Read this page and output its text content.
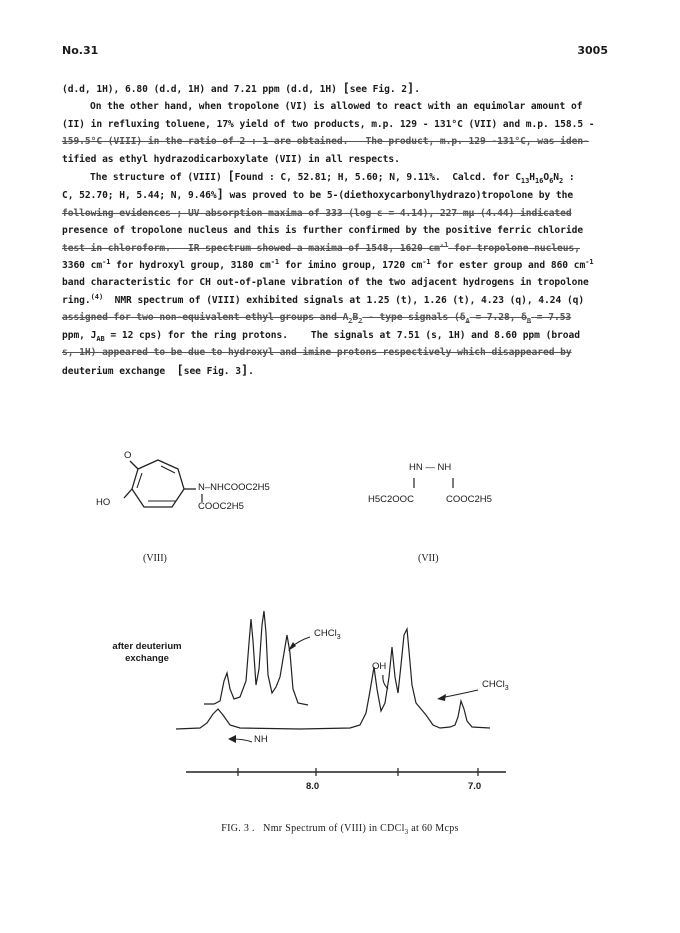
No.31	3005
(d.d, 1H), 6.80 (d.d, 1H) and 7.21 ppm (d.d, 1H) [see Fig. 2].
On the other hand, when tropolone (VI) is allowed to react with an equimolar amount of
(II) in refluxing toluene, 17% yield of two products, m.p. 129 - 131°C (VII) and m.p. 158.5 -
159.5°C (VIII) in the ratio of 2 : 1 are obtained.   The product, m.p. 129 -131°C, was iden-
tified as ethyl hydrazodicarboxylate (VII) in all respects.
The structure of (VIII) [Found : C, 52.81; H, 5.60; N, 9.11%.  Calcd. for $C_{13}H_{16}O_6N_2$ :
C, 52.70; H, 5.44; N, 9.46%] was proved to be 5-(diethoxycarbonylhydrazo)tropolone by the
following evidences ; UV absorption maxima of 333 (log ε = 4.14), 227 mμ (4.44) indicated
presence of tropolone nucleus and this is further confirmed by the positive ferric chloride
test in chloroform.   IR spectrum showed a maxima of 1548, 1620 $cm^{-1}$ for tropolone nucleus,
3360 $cm^{-1}$ for hydroxyl group, 3180 $cm^{-1}$ for imino group, 1720 $cm^{-1}$ for ester group and 860 $cm^{-1}$
band characteristic for CH out-of-plane vibration of the two adjacent hydrogens in tropolone
ring.$^{(4)}$  NMR spectrum of (VIII) exhibited signals at 1.25 (t), 1.26 (t), 4.23 (q), 4.24 (q)
assigned for two non-equivalent ethyl groups and $A_2B_2$ - type signals ($\delta_A = 7.28$, $\delta_B = 7.53$
ppm, $J_{AB} = 12$ cps) for the ring protons.    The signals at 7.51 (s, 1H) and 8.60 ppm (broad
s, 1H) appeared to be due to hydroxyl and imine protons respectively which disappeared by
deuterium exchange  [see Fig. 3].
O
HO
N–NHCOOC2H5
COOC2H5
(VIII)
HN — NH
H5C2OOC	COOC2H5
(VII)
after deuterium exchange
CHCl$_3$
OH
CHCl$_3$
NH
8.0	7.0
FIG. 3 .   Nmr Spectrum of (VIII) in CDCl$_3$ at 60 Mcps
